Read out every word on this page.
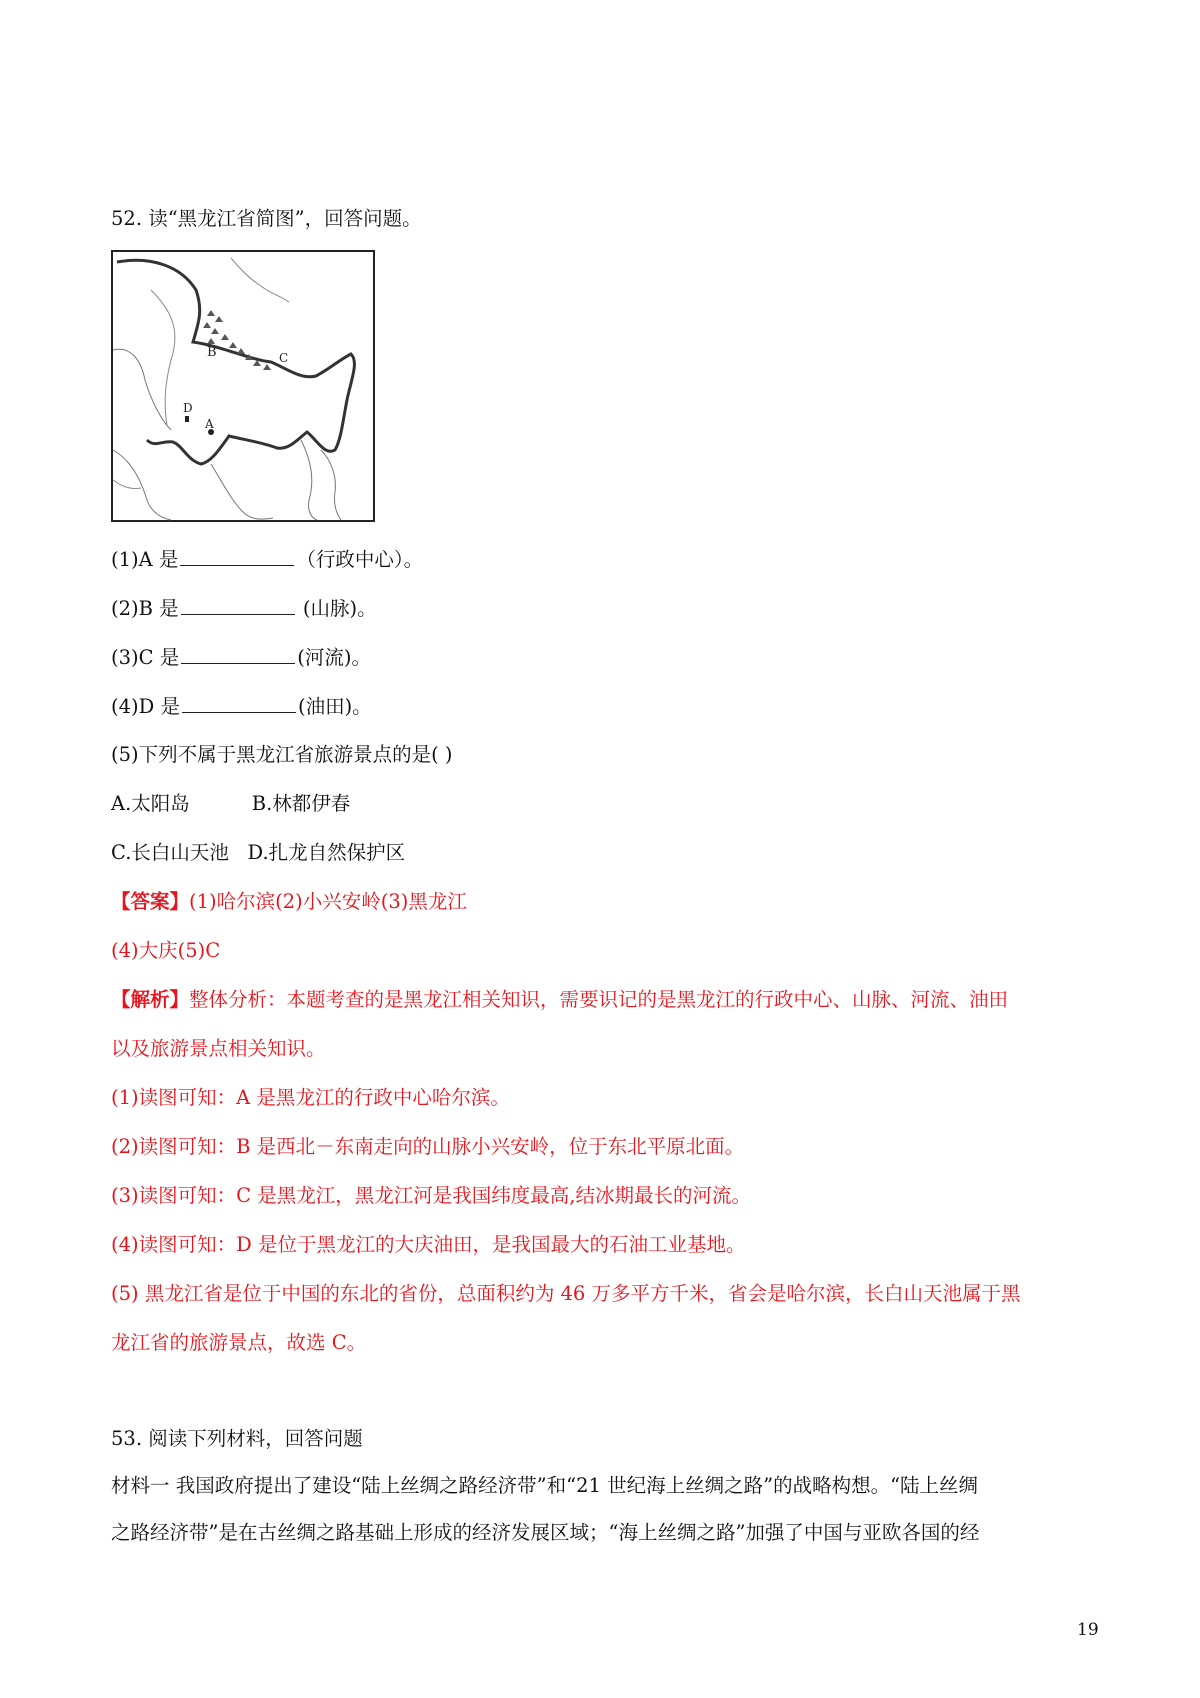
52. 读“黑龙江省简图”，回答问题。
B	C
D
A
(1)A 是	（行政中心）。
(2)B 是	(山脉)。
(3)C 是	(河流)。
(4)D 是	(油田)。
(5)下列不属于黑龙江省旅游景点的是( )
A.太阳岛          B.林都伊春
C.长白山天池   D.扎龙自然保护区
【答案】(1)哈尔滨(2)小兴安岭(3)黑龙江
(4)大庆(5)C
【解析】整体分析：本题考查的是黑龙江相关知识，需要识记的是黑龙江的行政中心、山脉、河流、油田
以及旅游景点相关知识。
(1)读图可知：A 是黑龙江的行政中心哈尔滨。
(2)读图可知：B 是西北－东南走向的山脉小兴安岭，位于东北平原北面。
(3)读图可知：C 是黑龙江，黑龙江河是我国纬度最高,结冰期最长的河流。
(4)读图可知：D 是位于黑龙江的大庆油田，是我国最大的石油工业基地。
(5) 黑龙江省是位于中国的东北的省份，总面积约为 46 万多平方千米，省会是哈尔滨，长白山天池属于黑
龙江省的旅游景点，故选 C。
53. 阅读下列材料，回答问题
材料一 我国政府提出了建设“陆上丝绸之路经济带”和“21 世纪海上丝绸之路”的战略构想。“陆上丝绸
之路经济带”是在古丝绸之路基础上形成的经济发展区域；“海上丝绸之路”加强了中国与亚欧各国的经
19
